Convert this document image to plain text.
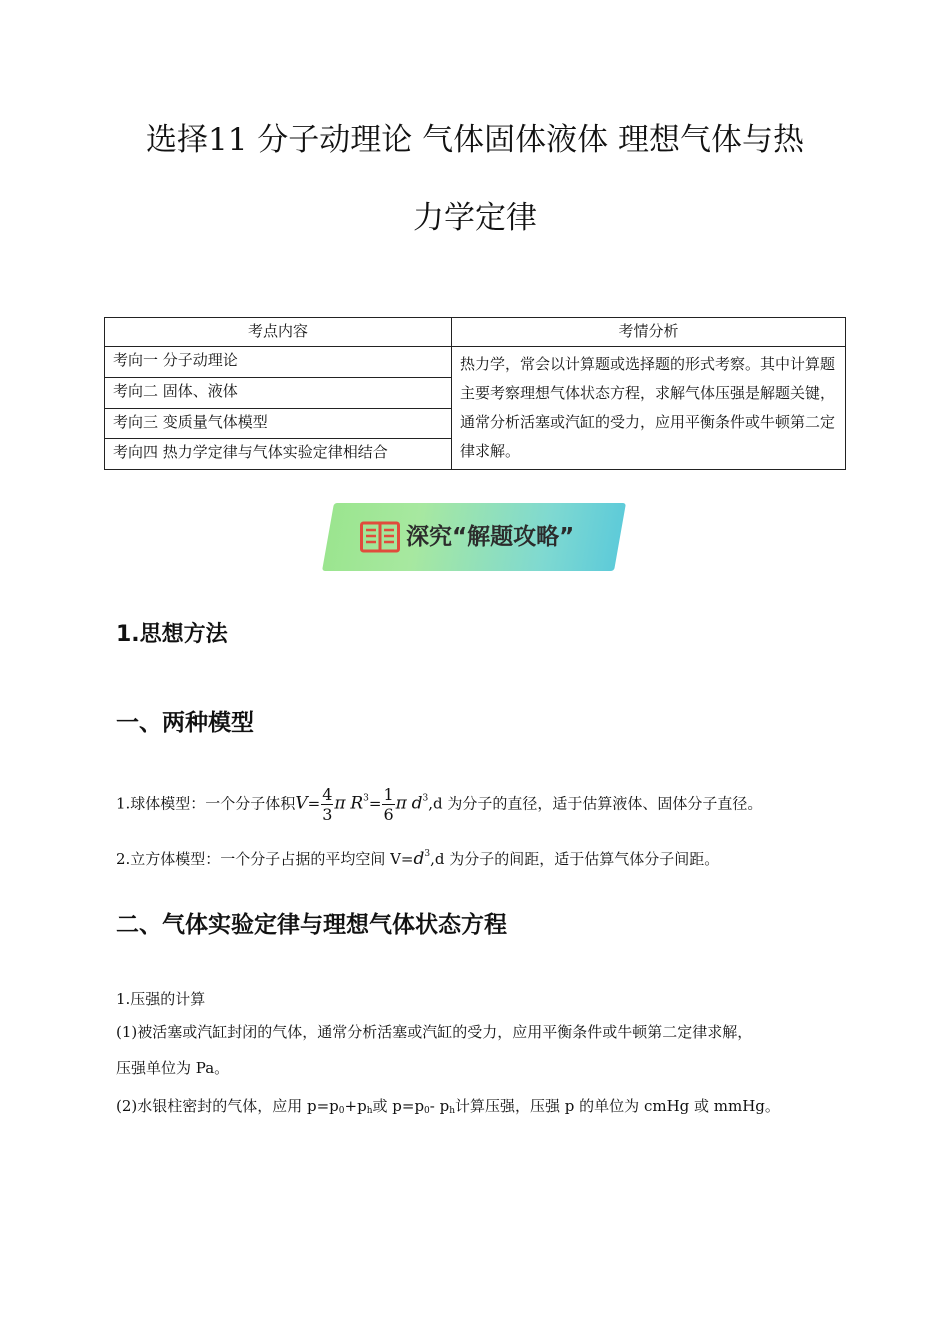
选择11 分子动理论 气体固体液体 理想气体与热
力学定律
考点内容	考情分析
考向一 分子动理论	热力学，常会以计算题或选择题的形式考察。其中计算题主要考察理想气体状态方程，求解气体压强是解题关键，通常分析活塞或汽缸的受力，应用平衡条件或牛顿第二定律求解。
考向二 固体、液体	
考向三 变质量气体模型	
考向四 热力学定律与气体实验定律相结合	
深究“解题攻略”
1.思想方法
一、两种模型

1.球体模型：一个分子体积$V= \frac{4}{3}$ π $R^3= \frac{1}{6}$ π $d^3,d$ 为分子的直径，适于估算液体、固体分子直径。

2.立方体模型：一个分子占据的平均空间 $V=d^3,d$ 为分子的间距，适于估算气体分子间距。

二、气体实验定律与理想气体状态方程

1.压强的计算

(1)被活塞或汽缸封闭的气体，通常分析活塞或汽缸的受力，应用平衡条件或牛顿第二定律求解，

压强单位为 Pa。

(2)水银柱密封的气体，应用 $p=p_0+p_h$或 $p=p_0-$ $p_h$计算压强，压强 p 的单位为 cmHg 或 mmHg。
